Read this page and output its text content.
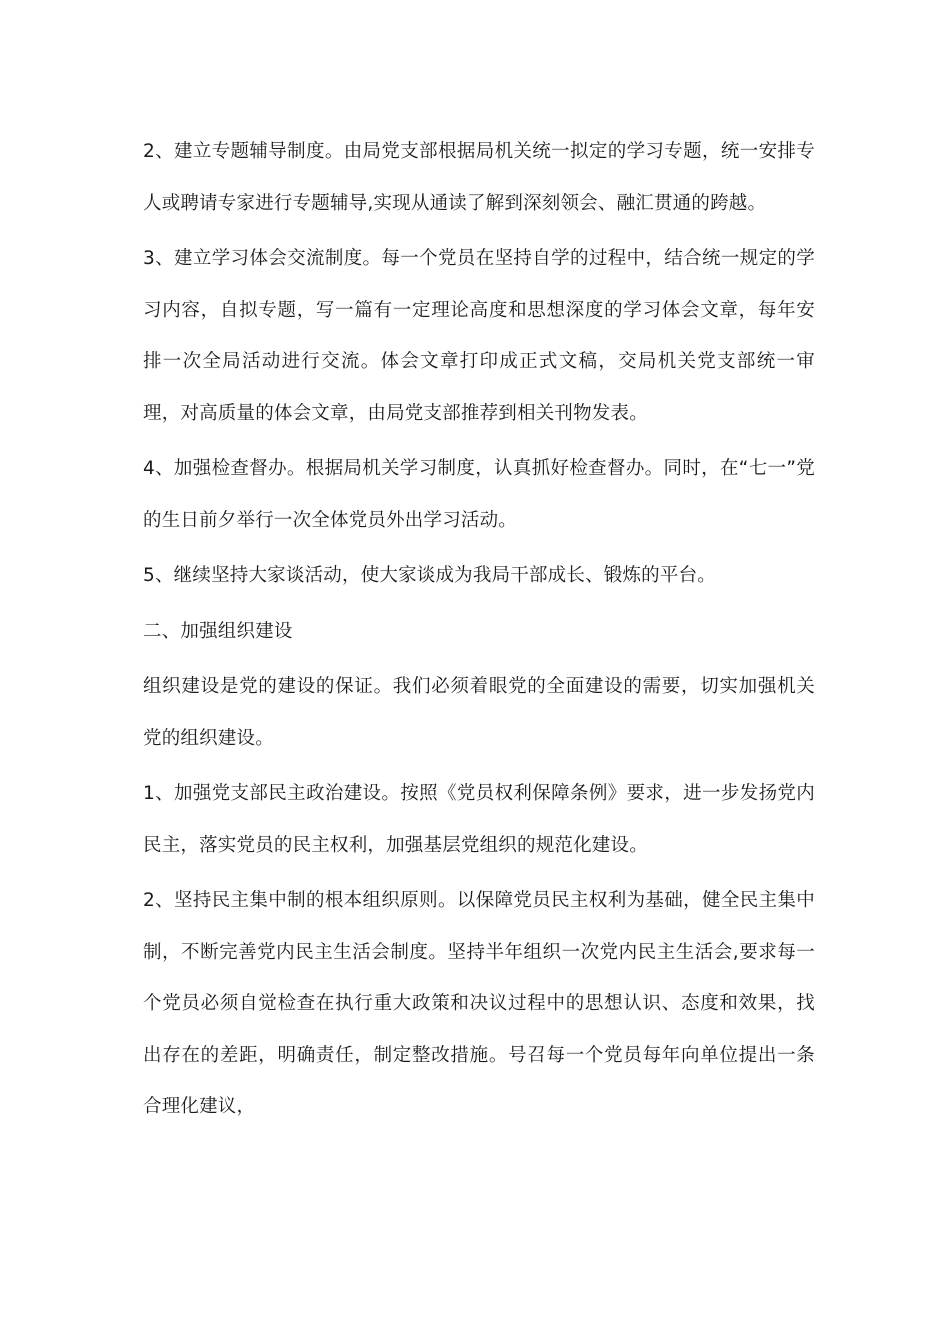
2、建立专题辅导制度。由局党支部根据局机关统一拟定的学习专题，统一安排专人或聘请专家进行专题辅导,实现从通读了解到深刻领会、融汇贯通的跨越。

3、建立学习体会交流制度。每一个党员在坚持自学的过程中，结合统一规定的学习内容，自拟专题，写一篇有一定理论高度和思想深度的学习体会文章，每年安排一次全局活动进行交流。体会文章打印成正式文稿，交局机关党支部统一审理，对高质量的体会文章，由局党支部推荐到相关刊物发表。

4、加强检查督办。根据局机关学习制度，认真抓好检查督办。同时，在“七一”党的生日前夕举行一次全体党员外出学习活动。

5、继续坚持大家谈活动，使大家谈成为我局干部成长、锻炼的平台。

二、加强组织建设

组织建设是党的建设的保证。我们必须着眼党的全面建设的需要，切实加强机关党的组织建设。

1、加强党支部民主政治建设。按照《党员权利保障条例》要求，进一步发扬党内民主，落实党员的民主权利，加强基层党组织的规范化建设。

2、坚持民主集中制的根本组织原则。以保障党员民主权利为基础，健全民主集中制，不断完善党内民主生活会制度。坚持半年组织一次党内民主生活会,要求每一个党员必须自觉检查在执行重大政策和决议过程中的思想认识、态度和效果，找出存在的差距，明确责任，制定整改措施。号召每一个党员每年向单位提出一条合理化建议，
